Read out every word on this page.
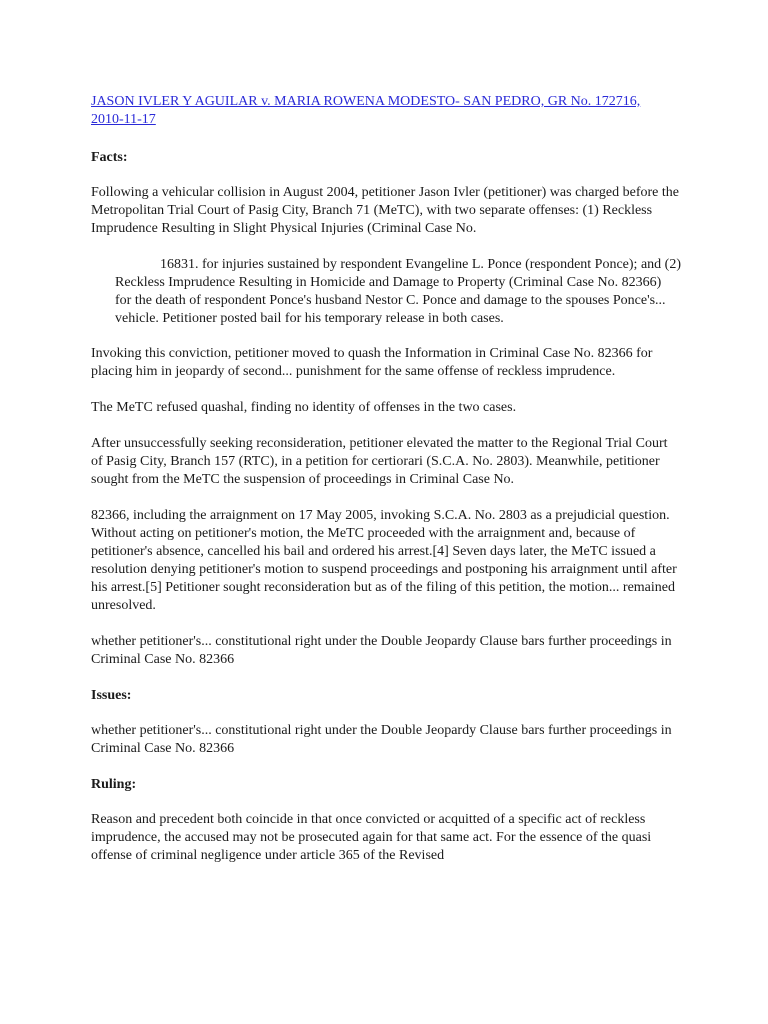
JASON IVLER Y AGUILAR v. MARIA ROWENA MODESTO- SAN PEDRO, GR No. 172716, 2010-11-17
Facts:
Following a vehicular collision in August 2004, petitioner Jason Ivler (petitioner) was charged before the Metropolitan Trial Court of Pasig City, Branch 71 (MeTC), with two separate offenses: (1) Reckless Imprudence Resulting in Slight Physical Injuries (Criminal Case No.
16831. for injuries sustained by respondent Evangeline L. Ponce (respondent Ponce); and (2) Reckless Imprudence Resulting in Homicide and Damage to Property (Criminal Case No. 82366) for the death of respondent Ponce's husband Nestor C. Ponce and damage to the spouses Ponce's... vehicle. Petitioner posted bail for his temporary release in both cases.
Invoking this conviction, petitioner moved to quash the Information in Criminal Case No. 82366 for placing him in jeopardy of second... punishment for the same offense of reckless imprudence.
The MeTC refused quashal, finding no identity of offenses in the two cases.
After unsuccessfully seeking reconsideration, petitioner elevated the matter to the Regional Trial Court of Pasig City, Branch 157 (RTC), in a petition for certiorari (S.C.A. No. 2803). Meanwhile, petitioner sought from the MeTC the suspension of proceedings in Criminal Case No.
82366, including the arraignment on 17 May 2005, invoking S.C.A. No. 2803 as a prejudicial question. Without acting on petitioner's motion, the MeTC proceeded with the arraignment and, because of petitioner's absence, cancelled his bail and ordered his arrest.[4] Seven days later, the MeTC issued a resolution denying petitioner's motion to suspend proceedings and postponing his arraignment until after his arrest.[5] Petitioner sought reconsideration but as of the filing of this petition, the motion... remained unresolved.
whether petitioner's... constitutional right under the Double Jeopardy Clause bars further proceedings in Criminal Case No. 82366
Issues:
whether petitioner's... constitutional right under the Double Jeopardy Clause bars further proceedings in Criminal Case No. 82366
Ruling:
Reason and precedent both coincide in that once convicted or acquitted of a specific act of reckless imprudence, the accused may not be prosecuted again for that same act. For the essence of the quasi offense of criminal negligence under article 365 of the Revised
